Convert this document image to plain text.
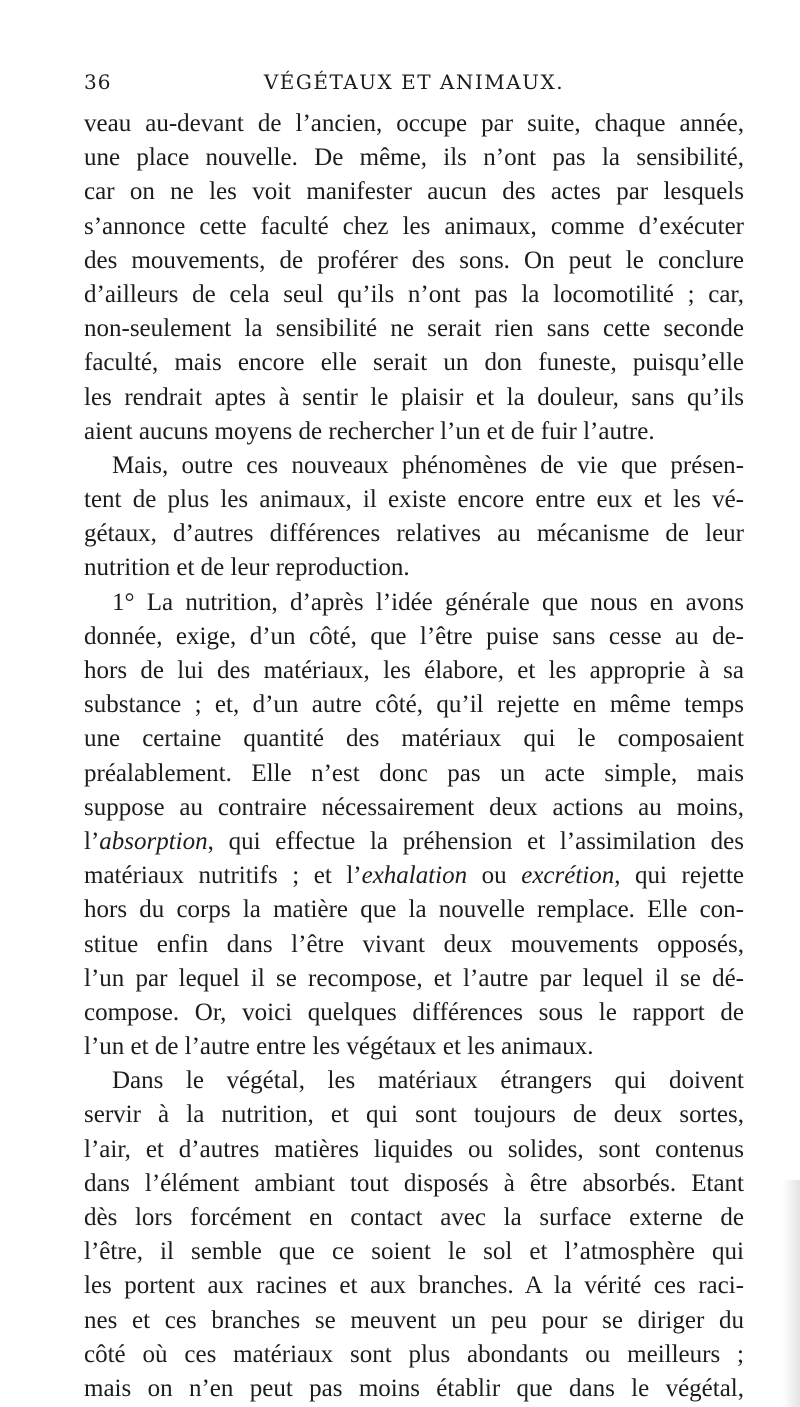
36	VÉGÉTAUX ET ANIMAUX.
veau au-devant de l’ancien, occupe par suite, chaque année,
une place nouvelle. De même, ils n’ont pas la sensibilité,
car on ne les voit manifester aucun des actes par lesquels
s’annonce cette faculté chez les animaux, comme d’exécuter
des mouvements, de proférer des sons. On peut le conclure
d’ailleurs de cela seul qu’ils n’ont pas la locomotilité ; car,
non-seulement la sensibilité ne serait rien sans cette seconde
faculté, mais encore elle serait un don funeste, puisqu’elle
les rendrait aptes à sentir le plaisir et la douleur, sans qu’ils
aient aucuns moyens de rechercher l’un et de fuir l’autre.
Mais, outre ces nouveaux phénomènes de vie que présen-
tent de plus les animaux, il existe encore entre eux et les vé-
gétaux, d’autres différences relatives au mécanisme de leur
nutrition et de leur reproduction.
1° La nutrition, d’après l’idée générale que nous en avons
donnée, exige, d’un côté, que l’être puise sans cesse au de-
hors de lui des matériaux, les élabore, et les approprie à sa
substance ; et, d’un autre côté, qu’il rejette en même temps
une certaine quantité des matériaux qui le composaient
préalablement. Elle n’est donc pas un acte simple, mais
suppose au contraire nécessairement deux actions au moins,
l’absorption, qui effectue la préhension et l’assimilation des
matériaux nutritifs ; et l’exhalation ou excrétion, qui rejette
hors du corps la matière que la nouvelle remplace. Elle con-
stitue enfin dans l’être vivant deux mouvements opposés,
l’un par lequel il se recompose, et l’autre par lequel il se dé-
compose. Or, voici quelques différences sous le rapport de
l’un et de l’autre entre les végétaux et les animaux.
Dans le végétal, les matériaux étrangers qui doivent
servir à la nutrition, et qui sont toujours de deux sortes,
l’air, et d’autres matières liquides ou solides, sont contenus
dans l’élément ambiant tout disposés à être absorbés. Etant
dès lors forcément en contact avec la surface externe de
l’être, il semble que ce soient le sol et l’atmosphère qui
les portent aux racines et aux branches. A la vérité ces raci-
nes et ces branches se meuvent un peu pour se diriger du
côté où ces matériaux sont plus abondants ou meilleurs ;
mais on n’en peut pas moins établir que dans le végétal,
